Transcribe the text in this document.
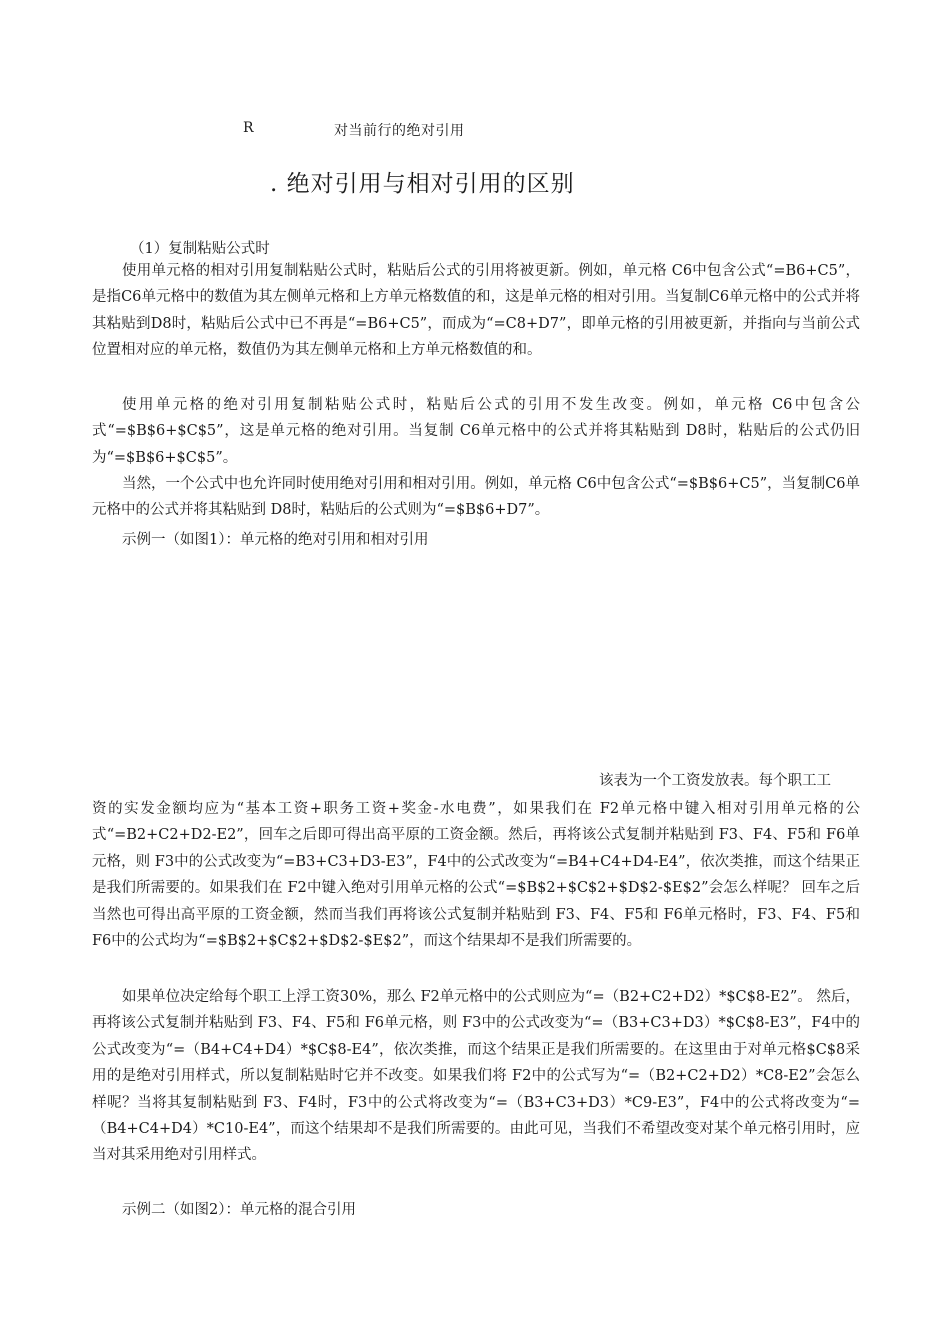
R	对当前行的绝对引用
. 绝对引用与相对引用的区别
（1）复制粘贴公式时

使用单元格的相对引用复制粘贴公式时，粘贴后公式的引用将被更新。例如，单元格 C6中包含公式“=B6+C5”，是指C6单元格中的数值为其左侧单元格和上方单元格数值的和，这是单元格的相对引用。当复制C6单元格中的公式并将其粘贴到D8时，粘贴后公式中已不再是“=B6+C5”，而成为“=C8+D7”，即单元格的引用被更新，并指向与当前公式位置相对应的单元格，数值仍为其左侧单元格和上方单元格数值的和。

使用单元格的绝对引用复制粘贴公式时，粘贴后公式的引用不发生改变。例如，单元格 C6中包含公式“=$B$6+$C$5”，这是单元格的绝对引用。当复制 C6单元格中的公式并将其粘贴到 D8时，粘贴后的公式仍旧为“=$B$6+$C$5”。

当然，一个公式中也允许同时使用绝对引用和相对引用。例如，单元格 C6中包含公式“=$B$6+C5”，当复制C6单元格中的公式并将其粘贴到 D8时，粘贴后的公式则为“=$B$6+D7”。

示例一（如图1）：单元格的绝对引用和相对引用
该表为一个工资发放表。每个职工工

资的实发金额均应为“基本工资+职务工资+奖金-水电费”，如果我们在 F2单元格中键入相对引用单元格的公式“=B2+C2+D2-E2”，回车之后即可得出高平原的工资金额。然后，再将该公式复制并粘贴到 F3、F4、F5和 F6单元格，则 F3中的公式改变为“=B3+C3+D3-E3”，F4中的公式改变为“=B4+C4+D4-E4”，依次类推，而这个结果正是我们所需要的。如果我们在 F2中键入绝对引用单元格的公式“=$B$2+$C$2+$D$2-$E$2”会怎么样呢？ 回车之后当然也可得出高平原的工资金额，然而当我们再将该公式复制并粘贴到 F3、F4、F5和 F6单元格时，F3、F4、F5和 F6中的公式均为“=$B$2+$C$2+$D$2-$E$2”，而这个结果却不是我们所需要的。

如果单位决定给每个职工上浮工资30%，那么 F2单元格中的公式则应为“=（B2+C2+D2）*$C$8-E2”。 然后，再将该公式复制并粘贴到 F3、F4、F5和 F6单元格，则 F3中的公式改变为“=（B3+C3+D3）*$C$8-E3”，F4中的公式改变为“=（B4+C4+D4）*$C$8-E4”，依次类推，而这个结果正是我们所需要的。在这里由于对单元格$C$8采用的是绝对引用样式，所以复制粘贴时它并不改变。如果我们将 F2中的公式写为“=（B2+C2+D2）*C8-E2”会怎么样呢？当将其复制粘贴到 F3、F4时，F3中的公式将改变为“=（B3+C3+D3）*C9-E3”，F4中的公式将改变为“=（B4+C4+D4）*C10-E4”，而这个结果却不是我们所需要的。由此可见，当我们不希望改变对某个单元格引用时，应当对其采用绝对引用样式。

示例二（如图2）：单元格的混合引用
